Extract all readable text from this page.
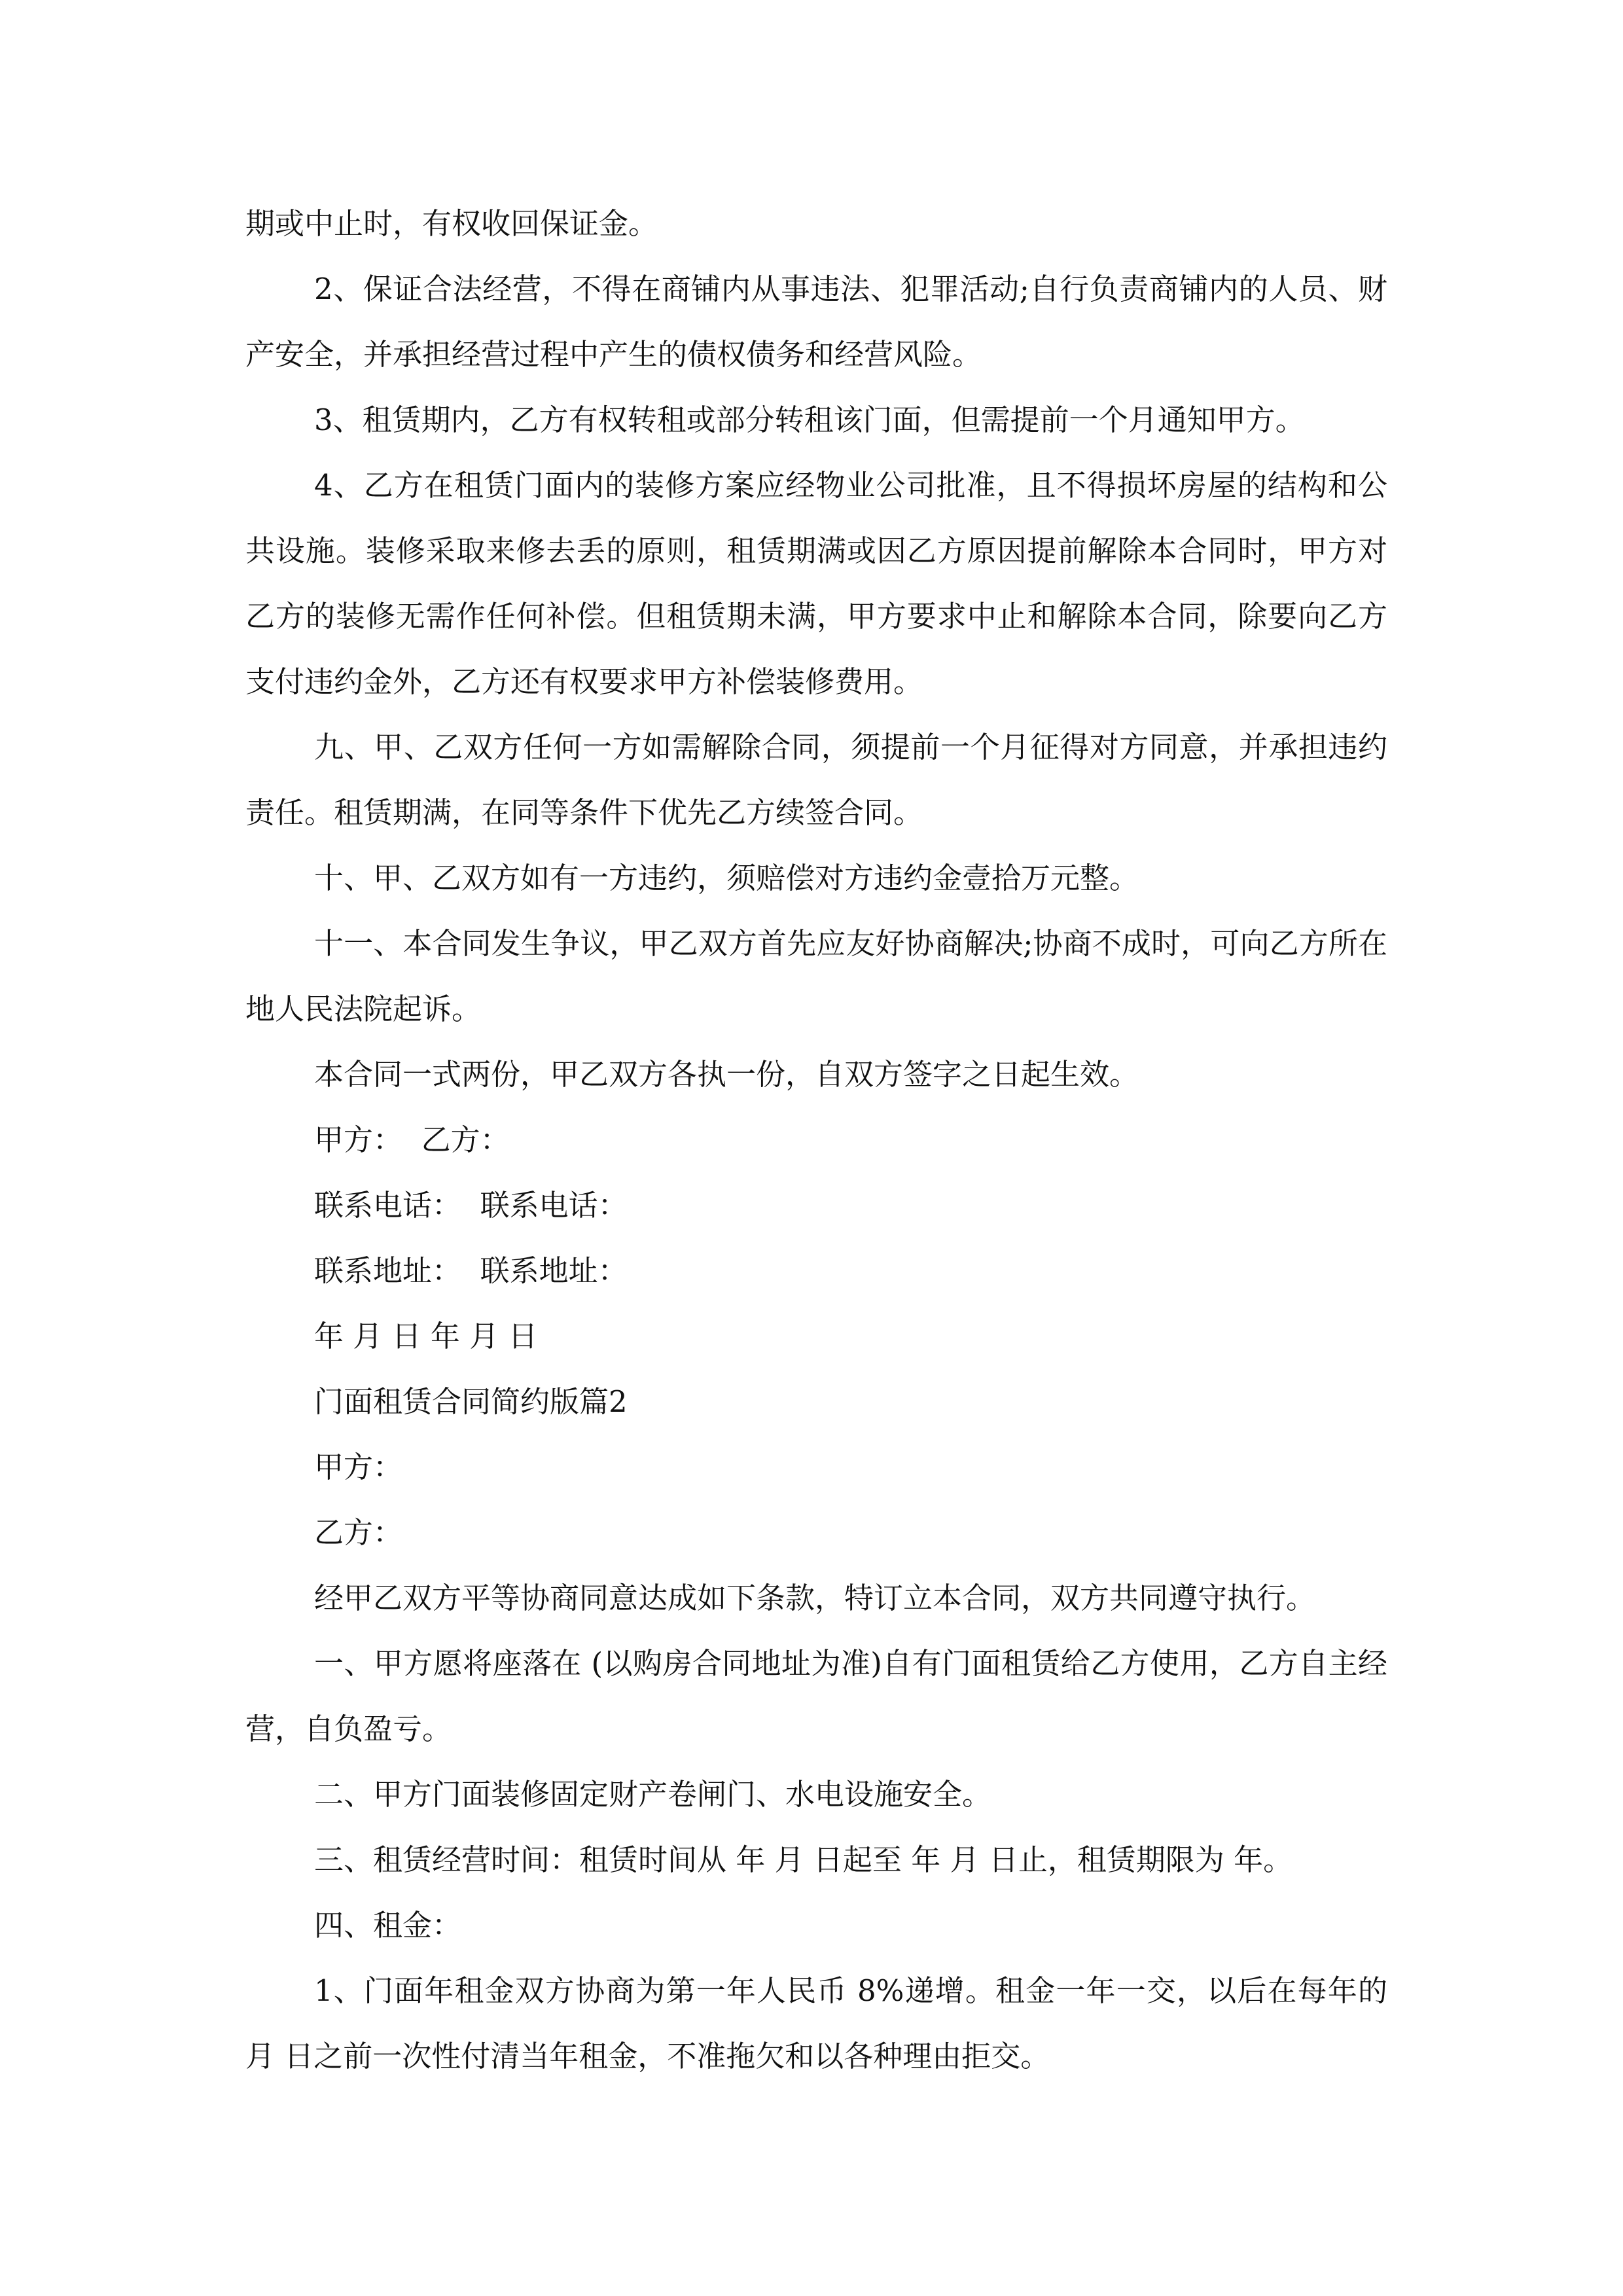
期或中止时，有权收回保证金。

2、保证合法经营，不得在商铺内从事违法、犯罪活动;自行负责商铺内的人员、财产安全，并承担经营过程中产生的债权债务和经营风险。

3、租赁期内，乙方有权转租或部分转租该门面，但需提前一个月通知甲方。

4、乙方在租赁门面内的装修方案应经物业公司批准，且不得损坏房屋的结构和公共设施。装修采取来修去丢的原则，租赁期满或因乙方原因提前解除本合同时，甲方对乙方的装修无需作任何补偿。但租赁期未满，甲方要求中止和解除本合同，除要向乙方支付违约金外，乙方还有权要求甲方补偿装修费用。

九、甲、乙双方任何一方如需解除合同，须提前一个月征得对方同意，并承担违约责任。租赁期满，在同等条件下优先乙方续签合同。

十、甲、乙双方如有一方违约，须赔偿对方违约金壹拾万元整。

十一、本合同发生争议，甲乙双方首先应友好协商解决;协商不成时，可向乙方所在地人民法院起诉。

本合同一式两份，甲乙双方各执一份，自双方签字之日起生效。

甲方：  乙方：

联系电话：  联系电话：

联系地址：  联系地址：

年 月 日 年 月 日

门面租赁合同简约版篇2

甲方：

乙方：

经甲乙双方平等协商同意达成如下条款，特订立本合同，双方共同遵守执行。

一、甲方愿将座落在 (以购房合同地址为准)自有门面租赁给乙方使用，乙方自主经营，自负盈亏。

二、甲方门面装修固定财产卷闸门、水电设施安全。

三、租赁经营时间：租赁时间从 年 月 日起至 年 月 日止，租赁期限为 年。

四、租金：

1、门面年租金双方协商为第一年人民币 8%递增。租金一年一交，以后在每年的 月 日之前一次性付清当年租金，不准拖欠和以各种理由拒交。
